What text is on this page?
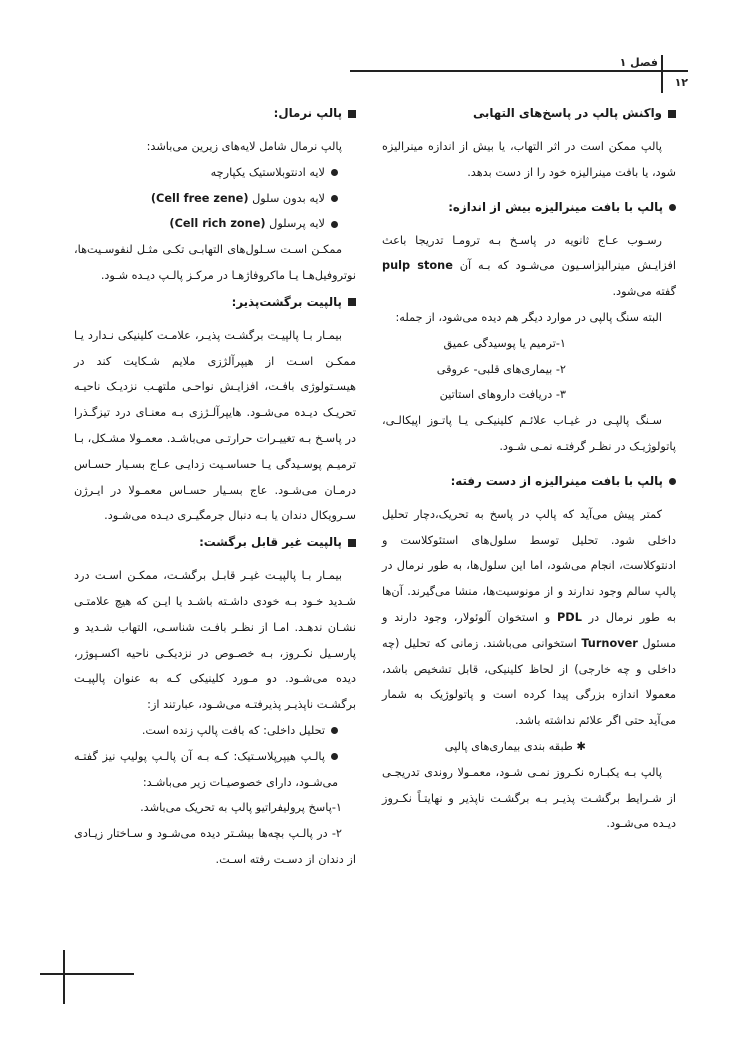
فصل ۱
۱۲
واکنش پالپ در پاسخ‌های التهابی

پالپ ممکن است در اثر التهاب، یا بیش از اندازه مینرالیزه شود، یا بافت مینرالیزه خود را از دست بدهد.

پالپ با بافت مینرالیزه بیش از اندازه:

رسـوب عـاج ثانویه در پاسـخ بـه ترومـا تدریجا باعث افزایـش مینرالیزاسـیون می‌شـود که بـه آن pulp stone گفته می‌شود.

البته سنگ پالپی در موارد دیگر هم دیده می‌شود، از جمله:

۱-ترمیم یا پوسیدگی عمیق

۲- بیماری‌های قلبی- عروقی

۳- دریافت داروهای استاتین

سـنگ پالپـی در غیـاب علائـم کلینیکـی یـا پاتـوز اپیکالـی، پاتولوژیـک در نظـر گرفتـه نمـی شـود.

پالپ با بافت مینرالیزه از دست رفته:

کمتر پیش می‌آید که پالپ در پاسخ به تحریک،دچار تحلیل داخلی شود. تحلیل توسط سلول‌های استئوکلاست و ادنتوکلاست، انجام می‌شود، اما این سلول‌ها، به طور نرمال در پالپ سالم وجود ندارند و از مونوسیت‌ها، منشا می‌گیرند. آن‌ها به طور نرمال در PDL و استخوان آلوئولار، وجود دارند و مسئول Turnover استخوانی می‌باشند. زمانی که تحلیل (چه داخلی و چه خارجی) از لحاظ کلینیکی، قابل تشخیص باشد، معمولا اندازه بزرگی پیدا کرده است و پاتولوژیک به شمار می‌آید حتی اگر علائم نداشته باشد.

✱ طبقه بندی بیماری‌های پالپی

پالپ بـه یکبـاره نکـروز نمـی شـود، معمـولا روندی تدریجـی از شـرایط برگشـت پذیـر بـه برگشـت ناپذیر و نهایتـاً نکـروز دیـده می‌شـود.

پالپ نرمال:

پالپ نرمال شامل لایه‌های زیرین می‌باشد:

لایه ادنتوبلاستیک یکپارچه

لایه بدون سلول (Cell free zene)

لایه پرسلول (Cell rich zone)

ممکـن اسـت سـلول‌های التهابـی تکـی مثـل لنفوسـیت‌ها، نوتروفیل‌هـا یـا ماکروفاژهـا در مرکـز پالـپ دیـده شـود.

پالپیت برگشت‌پذیر:

بیمـار بـا پالپیـت برگشـت پذیـر، علامـت کلینیکی نـدارد یـا ممکـن اسـت از هیپرآلژزی ملایم شـکایت کند در هیسـتولوژی بافـت، افزایـش نواحـی ملتهـب نزدیـک ناحیـه تحریـک دیـده می‌شـود. هایپرآلـژزی بـه معنـای درد تیزگـذرا در پاسـخ بـه تغییـرات حرارتـی می‌باشـد. معمـولا مشـکل، بـا ترمیـم پوسـیدگی یـا حساسـیت زدایـی عـاج بسـیار حسـاس درمـان می‌شـود. عاج بسـیار حسـاس معمـولا در ایـرژن سـرویکال دندان یا بـه دنبال جرمگیـری دیـده می‌شـود.

پالپیت غیر قابل برگشت:

بیمـار بـا پالپیـت غیـر قابـل برگشـت، ممکـن اسـت درد شـدید خـود بـه خودی داشـته باشـد یا ایـن که هیچ علامتـی نشـان ندهـد. امـا از نظـر بافـت شناسـی، التهاب شـدید و پارسـیل نکـروز، بـه خصـوص در نزدیکـی ناحیه اکسـپوژر، دیده می‌شـود. دو مـورد کلینیکی کـه به عنوان پالپیـت برگشـت ناپذیـر پذیرفتـه می‌شـود، عبارتند از:

تحلیل داخلی: که بافت پالپ زنده است.

پالـپ هیپرپلاسـتیک: کـه بـه آن پالـپ پولیپ نیز گفتـه می‌شـود، دارای خصوصیـات زیر می‌باشـد:

۱-پاسخ پرولیفراتیو پالپ به تحریک می‌باشد.

۲- در پالـپ بچه‌ها بیشـتر دیده می‌شـود و سـاختار زیـادی از دندان از دسـت رفته اسـت.
